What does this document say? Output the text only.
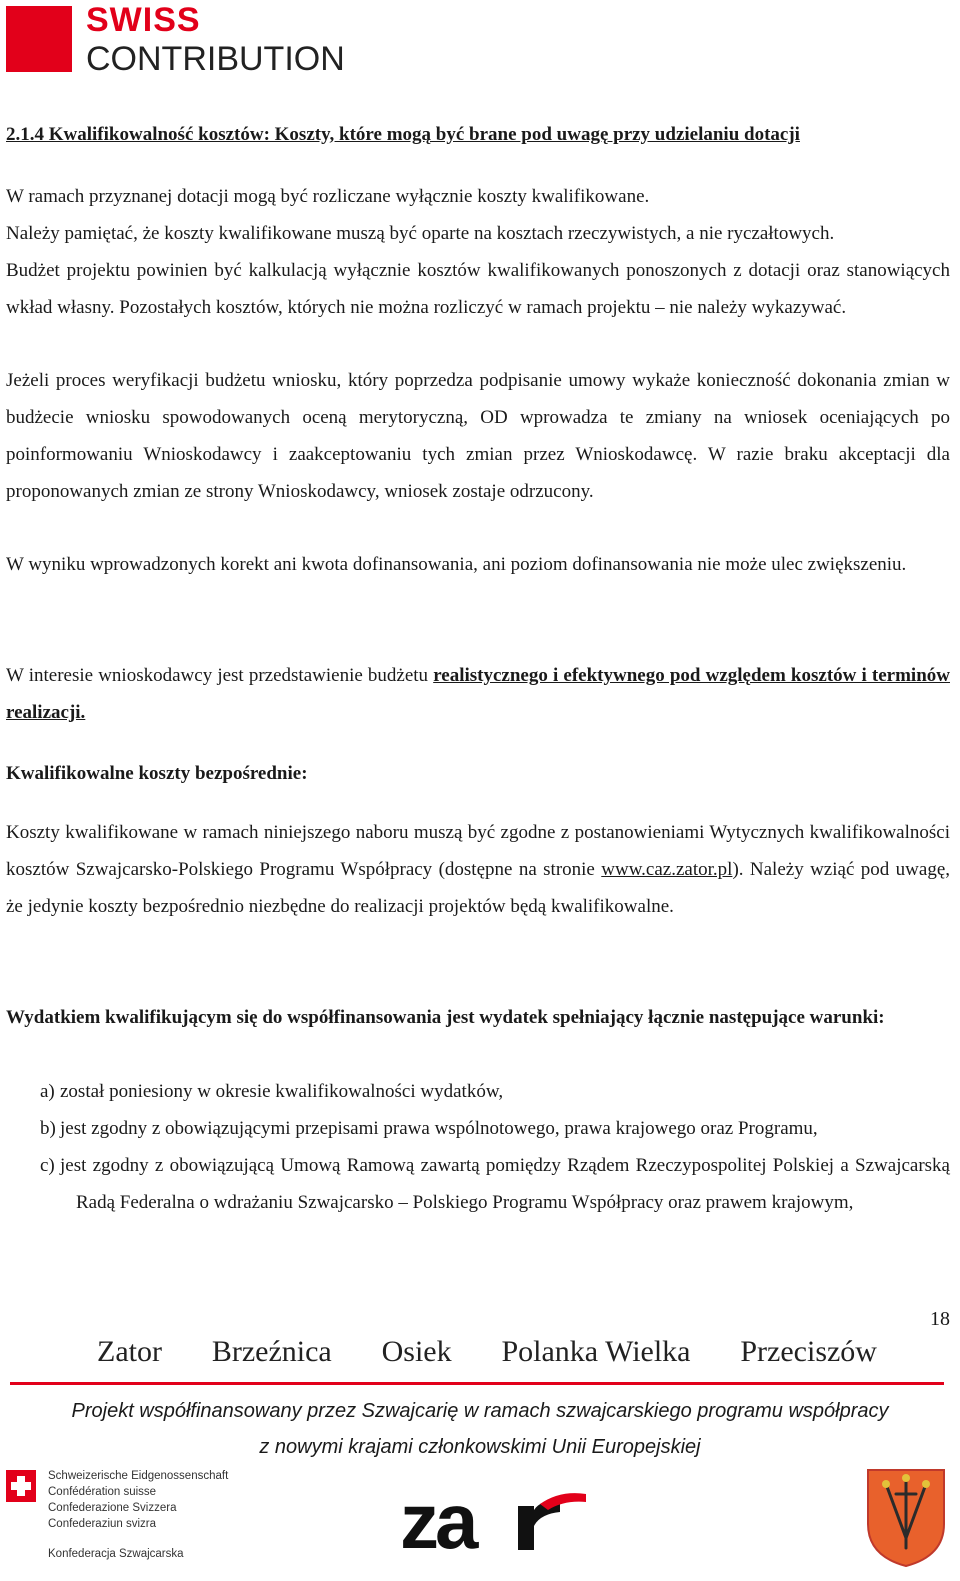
SWISS
CONTRIBUTION
2.1.4 Kwalifikowalność kosztów: Koszty, które mogą być brane pod uwagę przy udzielaniu dotacji
W ramach przyznanej dotacji mogą być rozliczane wyłącznie koszty kwalifikowane.
Należy pamiętać, że koszty kwalifikowane muszą być oparte na kosztach rzeczywistych, a nie ryczałtowych.
Budżet projektu powinien być kalkulacją wyłącznie kosztów kwalifikowanych ponoszonych z dotacji oraz stanowiących wkład własny. Pozostałych kosztów, których nie można rozliczyć w ramach projektu – nie należy wykazywać.
Jeżeli proces weryfikacji budżetu wniosku, który poprzedza podpisanie umowy wykaże konieczność dokonania zmian w budżecie wniosku spowodowanych oceną merytoryczną, OD wprowadza te zmiany na wniosek oceniających po poinformowaniu Wnioskodawcy i zaakceptowaniu tych zmian przez Wnioskodawcę. W razie braku akceptacji dla proponowanych zmian ze strony Wnioskodawcy, wniosek zostaje odrzucony.
W wyniku wprowadzonych korekt ani kwota dofinansowania, ani poziom dofinansowania nie może ulec zwiększeniu.
W interesie wnioskodawcy jest przedstawienie budżetu realistycznego i efektywnego pod względem kosztów i terminów realizacji.
Kwalifikowalne koszty bezpośrednie:
Koszty kwalifikowane w ramach niniejszego naboru muszą być zgodne z postanowieniami Wytycznych kwalifikowalności kosztów Szwajcarsko-Polskiego Programu Współpracy (dostępne na stronie www.caz.zator.pl). Należy wziąć pod uwagę, że jedynie koszty bezpośrednio niezbędne do realizacji projektów będą kwalifikowalne.
Wydatkiem kwalifikującym się do współfinansowania jest wydatek spełniający łącznie następujące warunki:
a) został poniesiony w okresie kwalifikowalności wydatków,
b) jest zgodny z obowiązującymi przepisami prawa wspólnotowego, prawa krajowego oraz Programu,
c) jest zgodny z obowiązującą Umową Ramową zawartą pomiędzy Rządem Rzeczypospolitej Polskiej a Szwajcarską Radą Federalna o wdrażaniu Szwajcarsko – Polskiego Programu Współpracy oraz prawem krajowym,
18
Zator Brzeźnica Osiek Polanka Wielka Przeciszów
Projekt współfinansowany przez Szwajcarię w ramach szwajcarskiego programu współpracy
z nowymi krajami członkowskimi Unii Europejskiej
Schweizerische Eidgenossenschaft
Confédération suisse
Confederazione Svizzera
Confederaziun svizra
Konfederacja Szwajcarska	za
